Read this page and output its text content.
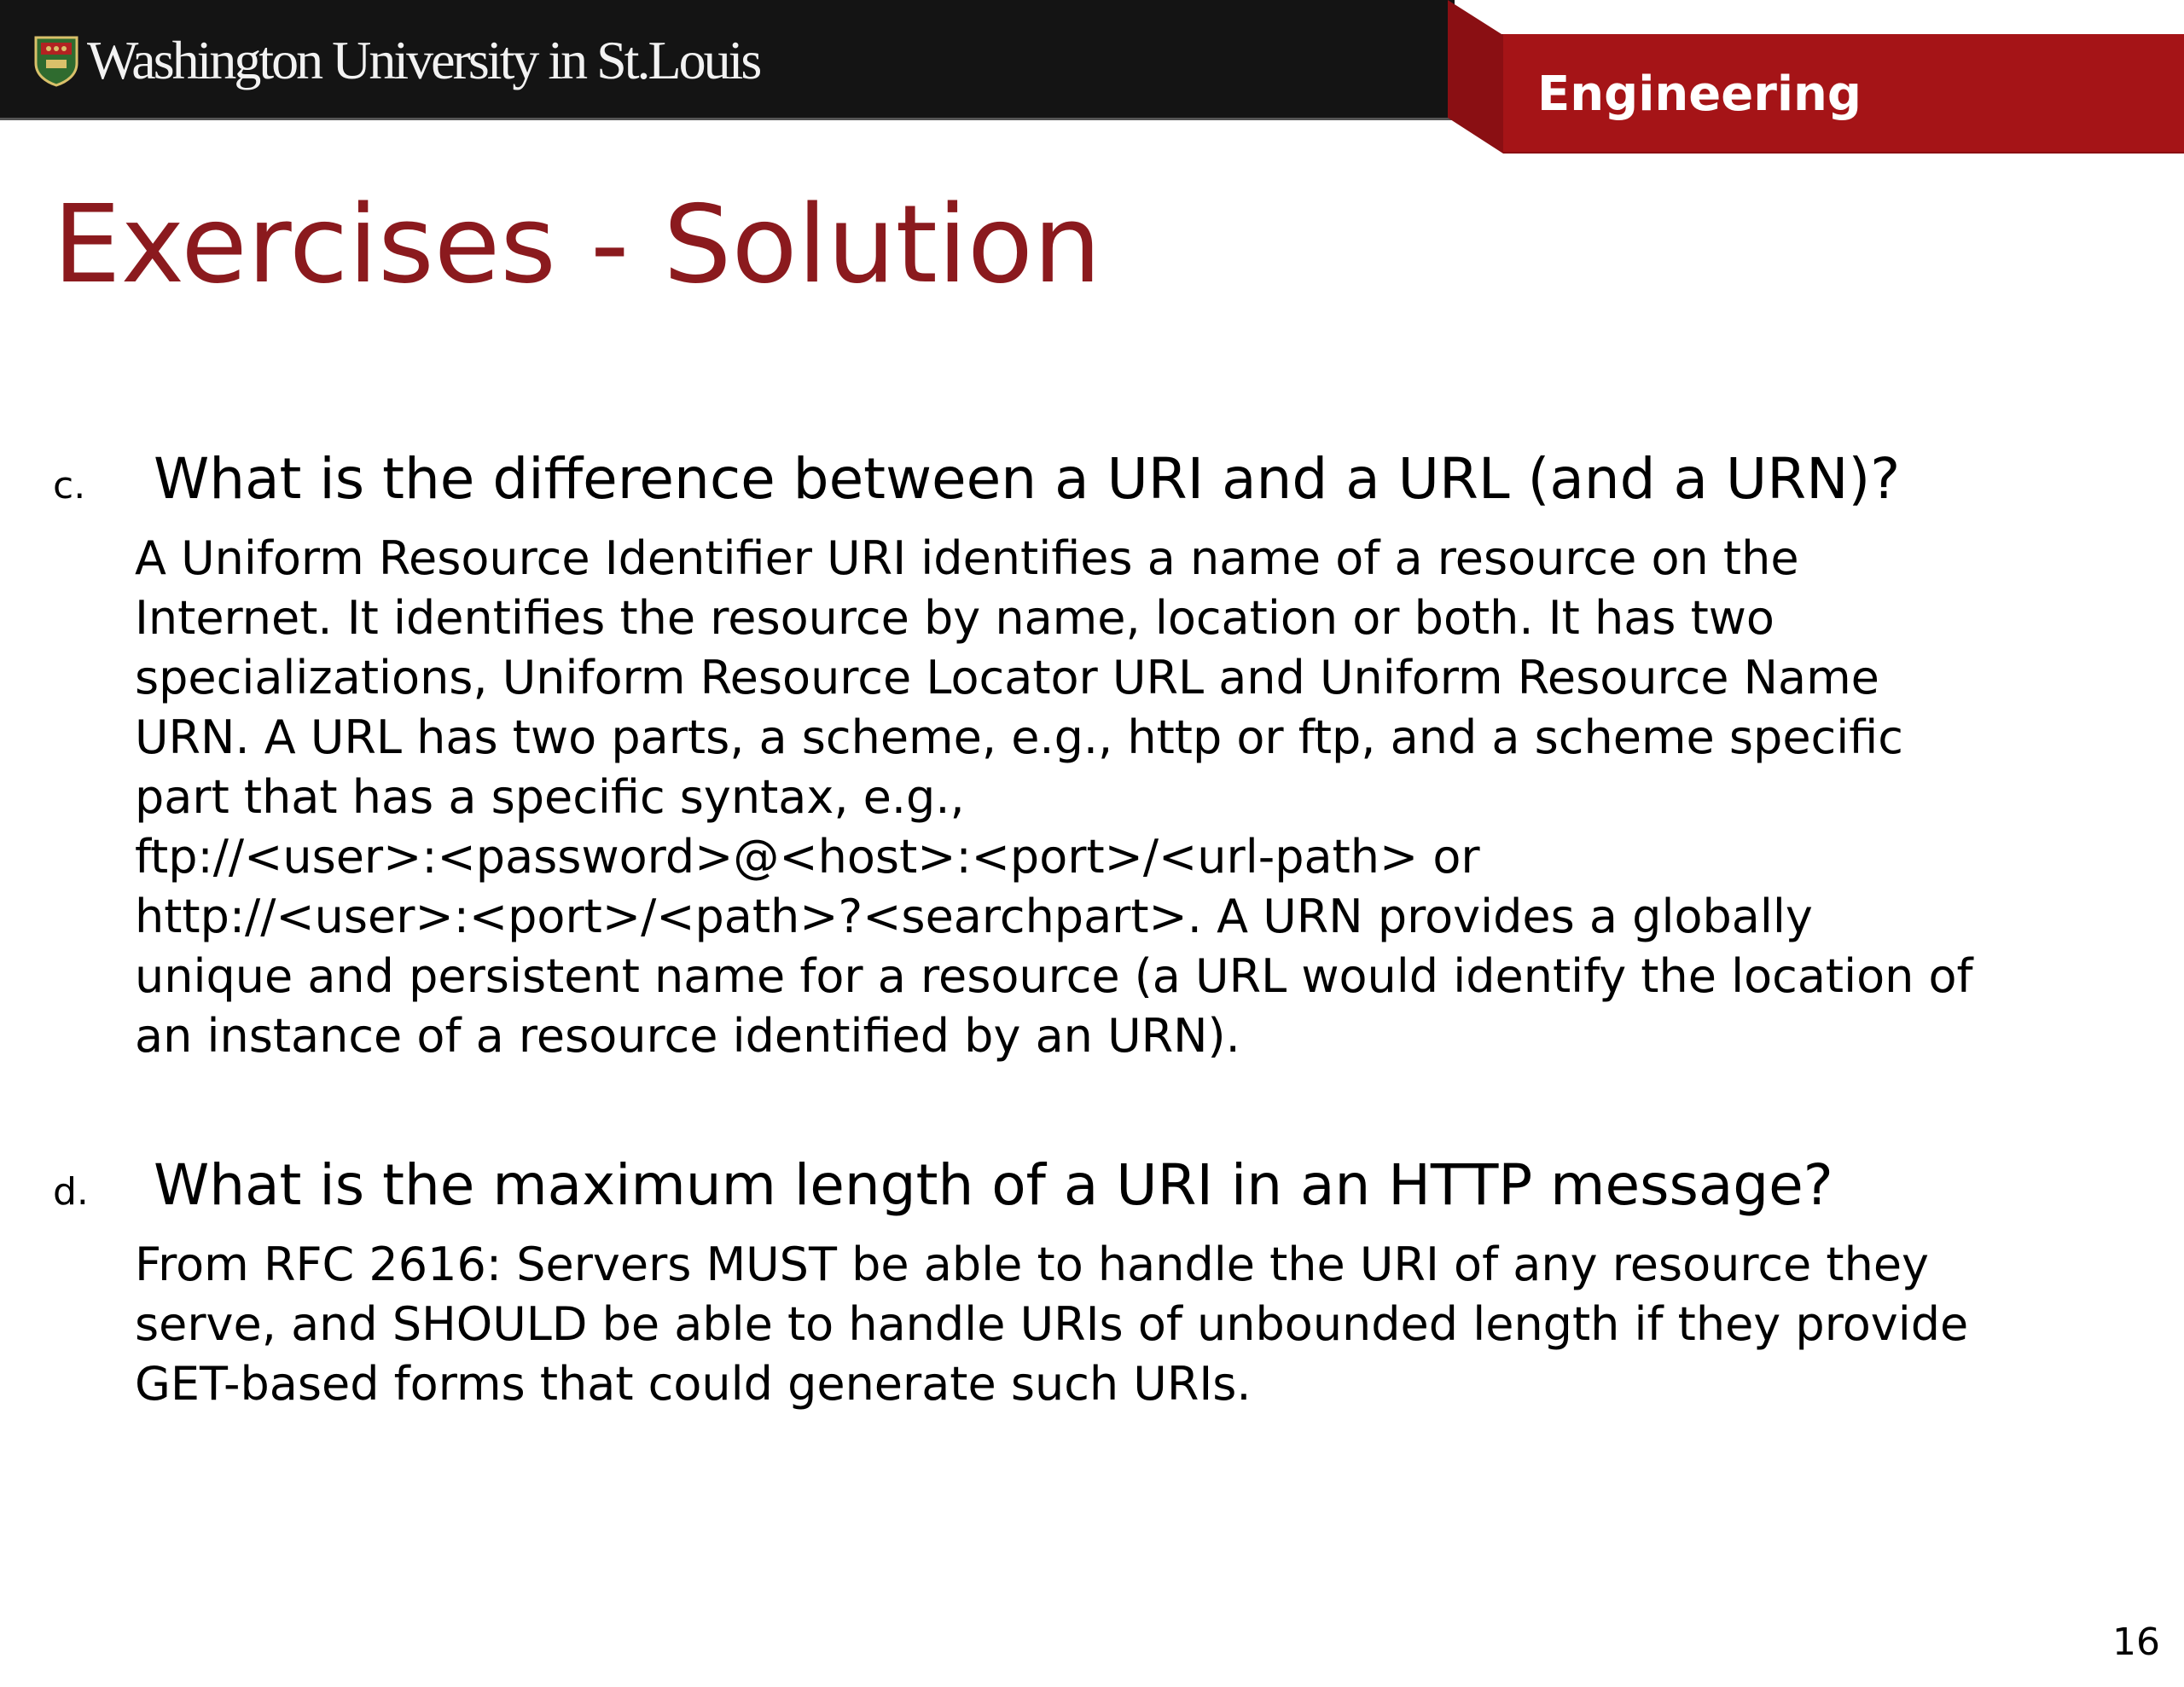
Washington University in St.Louis
Engineering
Exercises - Solution
c.	What is the difference between a URI and a URL (and a URN)?
A Uniform Resource Identifier URI identifies a name of a resource on the
Internet. It identifies the resource by name, location or both. It has two
specializations, Uniform Resource Locator URL and Uniform Resource Name
URN. A URL has two parts, a scheme, e.g., http or ftp, and a scheme specific
part that has a specific syntax, e.g.,
ftp://<user>:<password>@<host>:<port>/<url-path> or
http://<user>:<port>/<path>?<searchpart>. A URN provides a globally
unique and persistent name for a resource (a URL would identify the location of
an instance of a resource identified by an URN).
d.	What is the maximum length of a URI in an HTTP message?
From RFC 2616: Servers MUST be able to handle the URI of any resource they
serve, and SHOULD be able to handle URIs of unbounded length if they provide
GET-based forms that could generate such URIs.
16
